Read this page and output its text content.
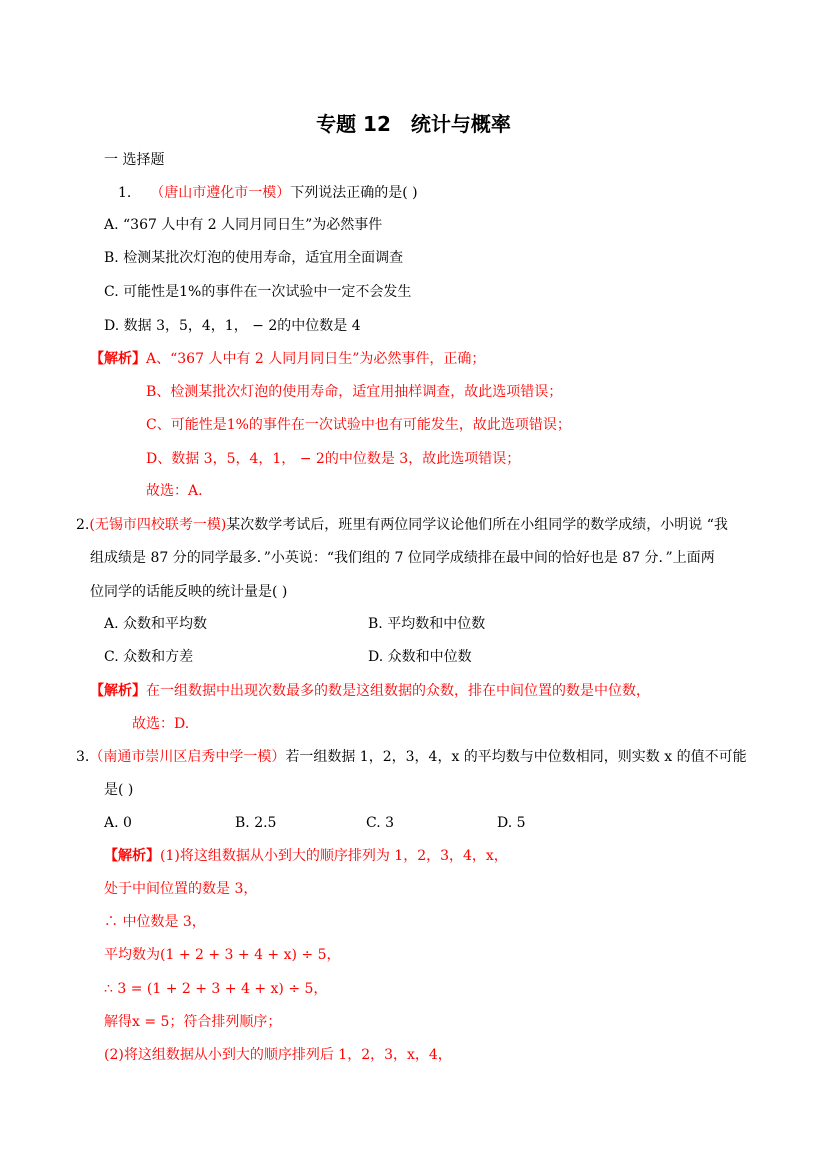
专题 12　统计与概率
一 选择题
1. （唐山市遵化市一模）下列说法正确的是( )
A. “367 人中有 2 人同月同日生”为必然事件
B. 检测某批次灯泡的使用寿命，适宜用全面调查
C. 可能性是1%的事件在一次试验中一定不会发生
D. 数据 3，5，4，1， − 2的中位数是 4
【解析】A、“367 人中有 2 人同月同日生”为必然事件，正确；
B、检测某批次灯泡的使用寿命，适宜用抽样调查，故此选项错误；
C、可能性是1%的事件在一次试验中也有可能发生，故此选项错误；
D、数据 3，5，4，1， − 2的中位数是 3，故此选项错误；
故选：A.
2.(无锡市四校联考一模)某次数学考试后，班里有两位同学议论他们所在小组同学的数学成绩，小明说 “我
组成绩是 87 分的同学最多．”小英说：“我们组的 7 位同学成绩排在最中间的恰好也是 87 分．”上面两
位同学的话能反映的统计量是( )
A. 众数和平均数	B. 平均数和中位数
C. 众数和方差	D. 众数和中位数
【解析】在一组数据中出现次数最多的数是这组数据的众数，排在中间位置的数是中位数，
故选：D.
3.（南通市崇川区启秀中学一模）若一组数据 1，2，3，4，x 的平均数与中位数相同，则实数 x 的值不可能
是( )
A. 0	B. 2.5	C. 3	D. 5
【解析】(1)将这组数据从小到大的顺序排列为 1，2，3，4，x，
处于中间位置的数是 3，
∴ 中位数是 3，
平均数为(1 + 2 + 3 + 4 + x) ÷ 5，
∴ 3 = (1 + 2 + 3 + 4 + x) ÷ 5，
解得x = 5；符合排列顺序；
(2)将这组数据从小到大的顺序排列后 1，2，3，x，4，
